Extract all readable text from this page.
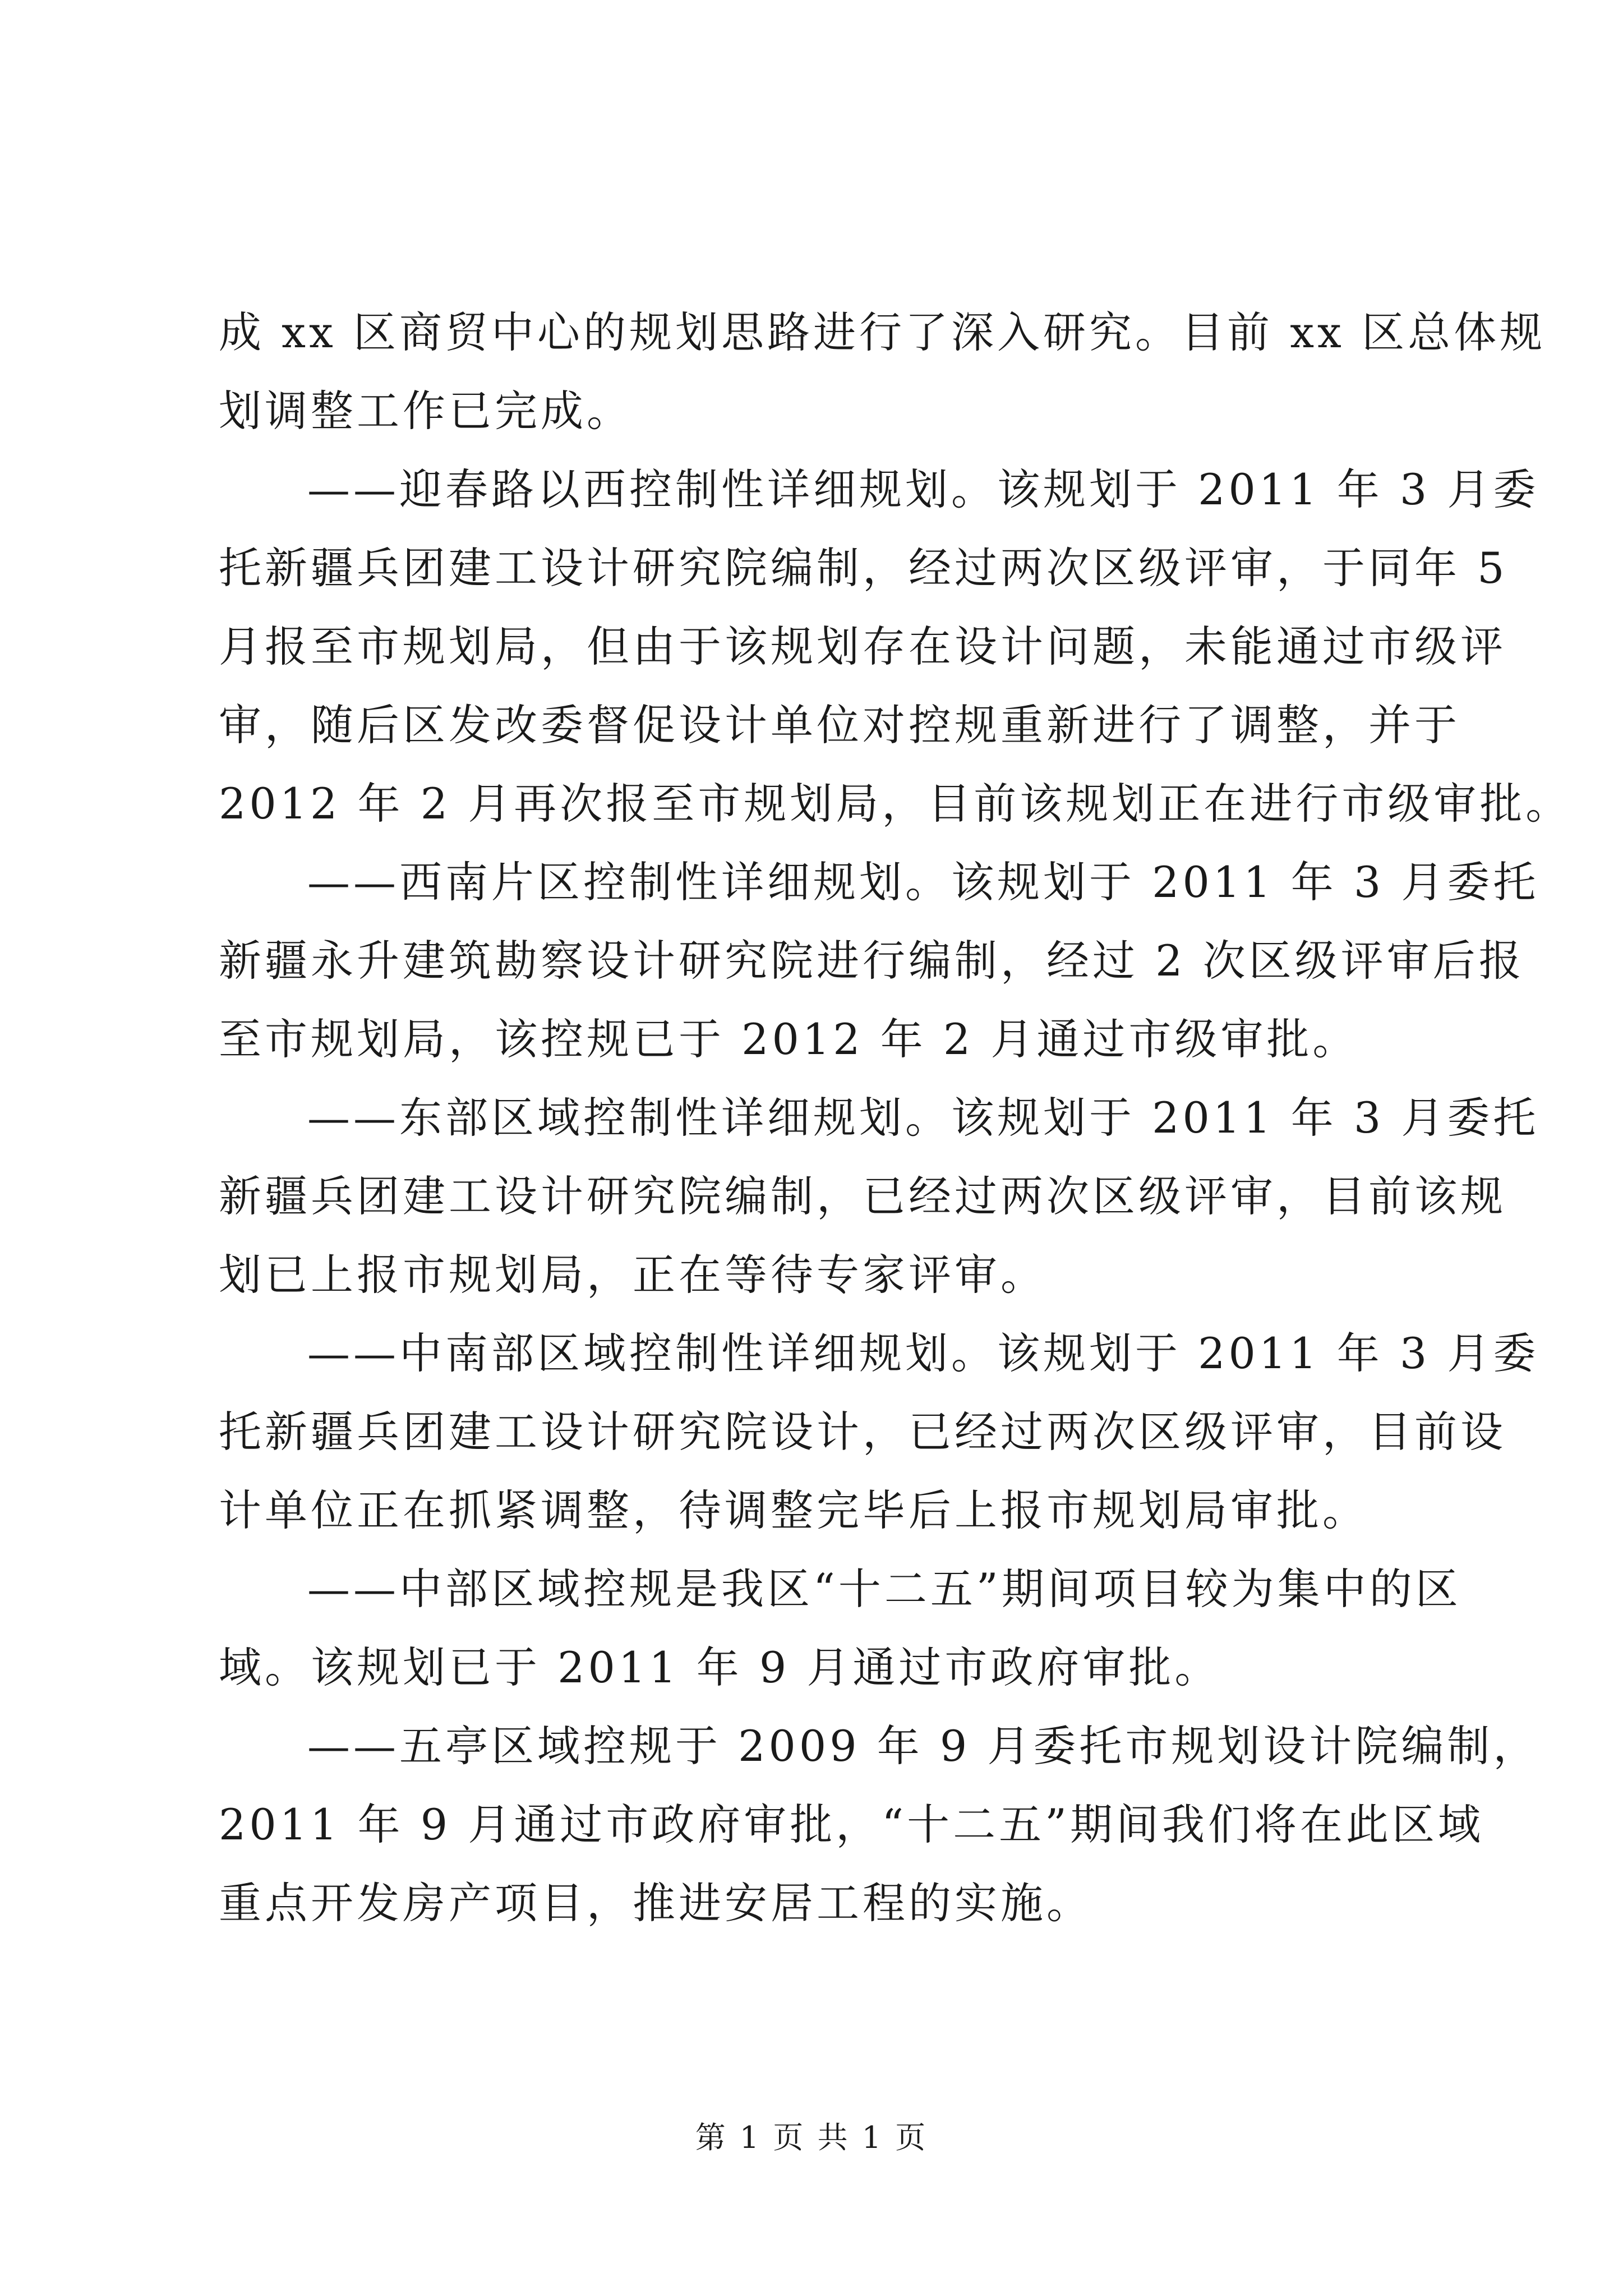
成 xx 区商贸中心的规划思路进行了深入研究。目前 xx 区总体规
划调整工作已完成。
——迎春路以西控制性详细规划。该规划于 2011 年 3 月委
托新疆兵团建工设计研究院编制，经过两次区级评审，于同年 5
月报至市规划局，但由于该规划存在设计问题，未能通过市级评
审，随后区发改委督促设计单位对控规重新进行了调整，并于
2012 年 2 月再次报至市规划局，目前该规划正在进行市级审批。
——西南片区控制性详细规划。该规划于 2011 年 3 月委托
新疆永升建筑勘察设计研究院进行编制，经过 2 次区级评审后报
至市规划局，该控规已于 2012 年 2 月通过市级审批。
——东部区域控制性详细规划。该规划于 2011 年 3 月委托
新疆兵团建工设计研究院编制，已经过两次区级评审，目前该规
划已上报市规划局，正在等待专家评审。
——中南部区域控制性详细规划。该规划于 2011 年 3 月委
托新疆兵团建工设计研究院设计，已经过两次区级评审，目前设
计单位正在抓紧调整，待调整完毕后上报市规划局审批。
——中部区域控规是我区“十二五”期间项目较为集中的区
域。该规划已于 2011 年 9 月通过市政府审批。
——五亭区域控规于 2009 年 9 月委托市规划设计院编制，
2011 年 9 月通过市政府审批，“十二五”期间我们将在此区域
重点开发房产项目，推进安居工程的实施。
第 1 页 共 1 页
